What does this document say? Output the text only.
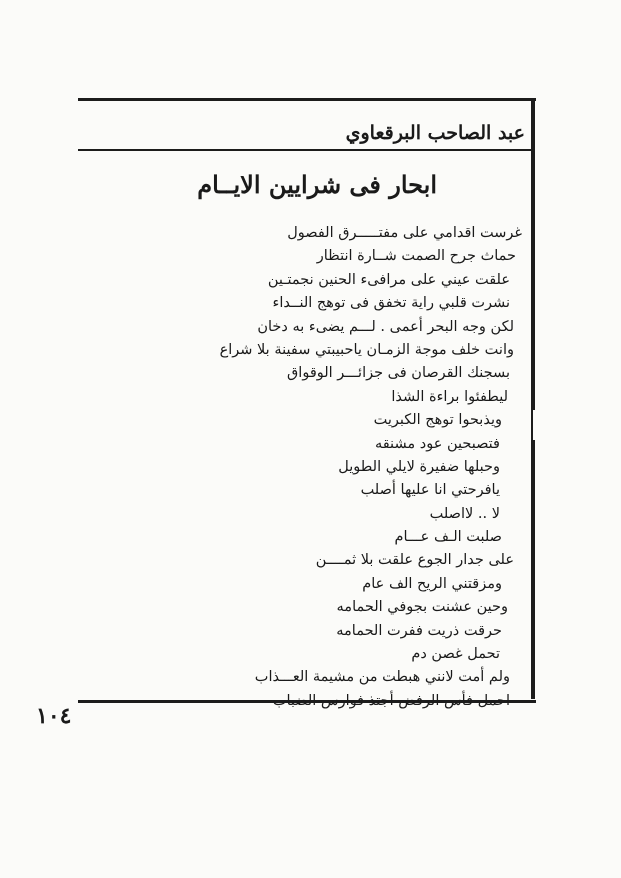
عبد الصاحب البرقعاوي
ابحار فى شرايين الايــام
غرست اقدامي على مفتـــــرق الفصول
حماث جرح الصمت شــارة انتظار
علقت عيني على مرافىء الحنين نجمتـين
نشرت قلبي راية تخفق فى توهج النــداء
لكن وجه البحر أعمى . لـــم يضىء به دخان
وانت خلف موجة الزمـان ياحبيبتي سفينة بلا شراع
بسجنك القرصان فى جزائـــر الوقواق
ليطفئوا براءة الشذا
ويذبحوا توهج الكبريت
فتصبحين عود مشنقه
وحبلها ضفيرة لايلي الطويل
يافرحتي انا عليها أصلب
لا .. لااصلب
صلبت الـف عـــام
على جدار الجوع علقت بلا ثمــــن
ومزقتني الريح الف عام
وحين عشنت بجوفي الحمامه
حرقت ذريت ففرت الحمامه
تحمل غصن دم
ولم أمت لانني هبطت من مشيمة العـــذاب
احمل فأس الرفض أجتذ فوارس الضباب
١٠٤
